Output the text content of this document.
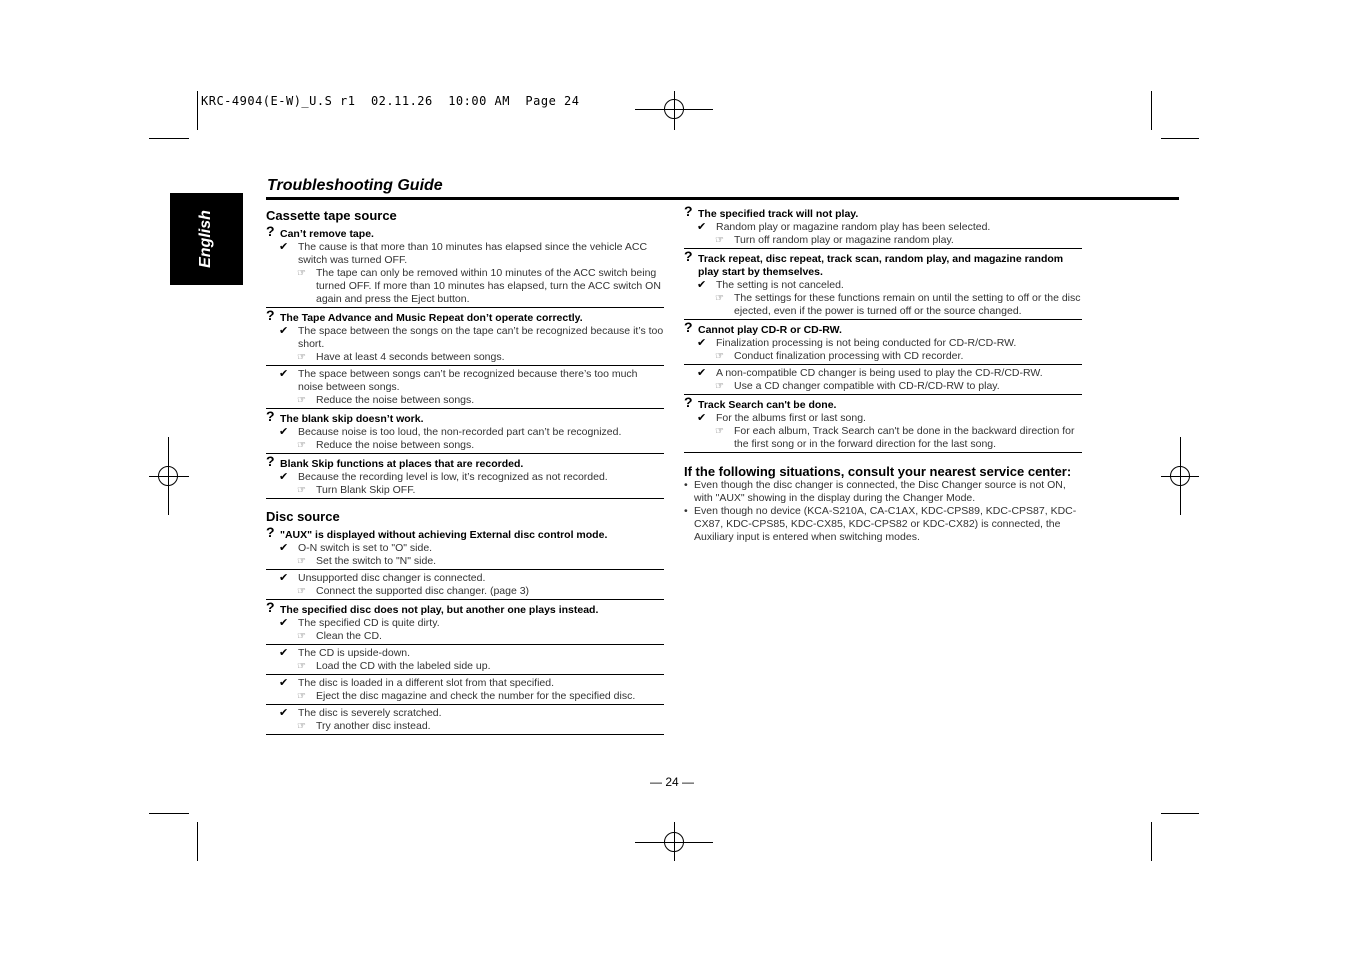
KRC-4904(E-W)_U.S r1  02.11.26  10:00 AM  Page 24
English
Troubleshooting Guide
Cassette tape source
? Can’t remove tape.
✔ The cause is that more than 10 minutes has elapsed since the vehicle ACC switch was turned OFF.
☞ The tape can only be removed within 10 minutes of the ACC switch being turned OFF. If more than 10 minutes has elapsed, turn the ACC switch ON again and press the Eject button.
? The Tape Advance and Music Repeat don’t operate correctly.
✔ The space between the songs on the tape can’t be recognized because it’s too short.
☞ Have at least 4 seconds between songs.
✔ The space between songs can’t be recognized because there’s too much noise between songs.
☞ Reduce the noise between songs.
? The blank skip doesn’t work.
✔ Because noise is too loud, the non-recorded part can’t be recognized.
☞ Reduce the noise between songs.
? Blank Skip functions at places that are recorded.
✔ Because the recording level is low, it’s recognized as not recorded.
☞ Turn Blank Skip OFF.
Disc source
? "AUX" is displayed without achieving External disc control mode.
✔ O-N switch is set to "O" side.
☞ Set the switch to "N" side.
✔ Unsupported disc changer is connected.
☞ Connect the supported disc changer. (page 3)
? The specified disc does not play, but another one plays instead.
✔ The specified CD is quite dirty.
☞ Clean the CD.
✔ The CD is upside-down.
☞ Load the CD with the labeled side up.
✔ The disc is loaded in a different slot from that specified.
☞ Eject the disc magazine and check the number for the specified disc.
✔ The disc is severely scratched.
☞ Try another disc instead.
? The specified track will not play.
✔ Random play or magazine random play has been selected.
☞ Turn off random play or magazine random play.
? Track repeat, disc repeat, track scan, random play, and magazine random play start by themselves.
✔ The setting is not canceled.
☞ The settings for these functions remain on until the setting to off or the disc ejected, even if the power is turned off or the source changed.
? Cannot play CD-R or CD-RW.
✔ Finalization processing is not being conducted for CD-R/CD-RW.
☞ Conduct finalization processing with CD recorder.
✔ A non-compatible CD changer is being used to play the CD-R/CD-RW.
☞ Use a CD changer compatible with CD-R/CD-RW to play.
? Track Search can't be done.
✔ For the albums first or last song.
☞ For each album, Track Search can't be done in the backward direction for the first song or in the forward direction for the last song.
If the following situations, consult your nearest service center:
• Even though the disc changer is connected, the Disc Changer source is not ON, with "AUX" showing in the display during the Changer Mode.
• Even though no device (KCA-S210A, CA-C1AX, KDC-CPS89, KDC-CPS87, KDC-CX87, KDC-CPS85, KDC-CX85, KDC-CPS82 or KDC-CX82) is connected, the Auxiliary input is entered when switching modes.
— 24 —
